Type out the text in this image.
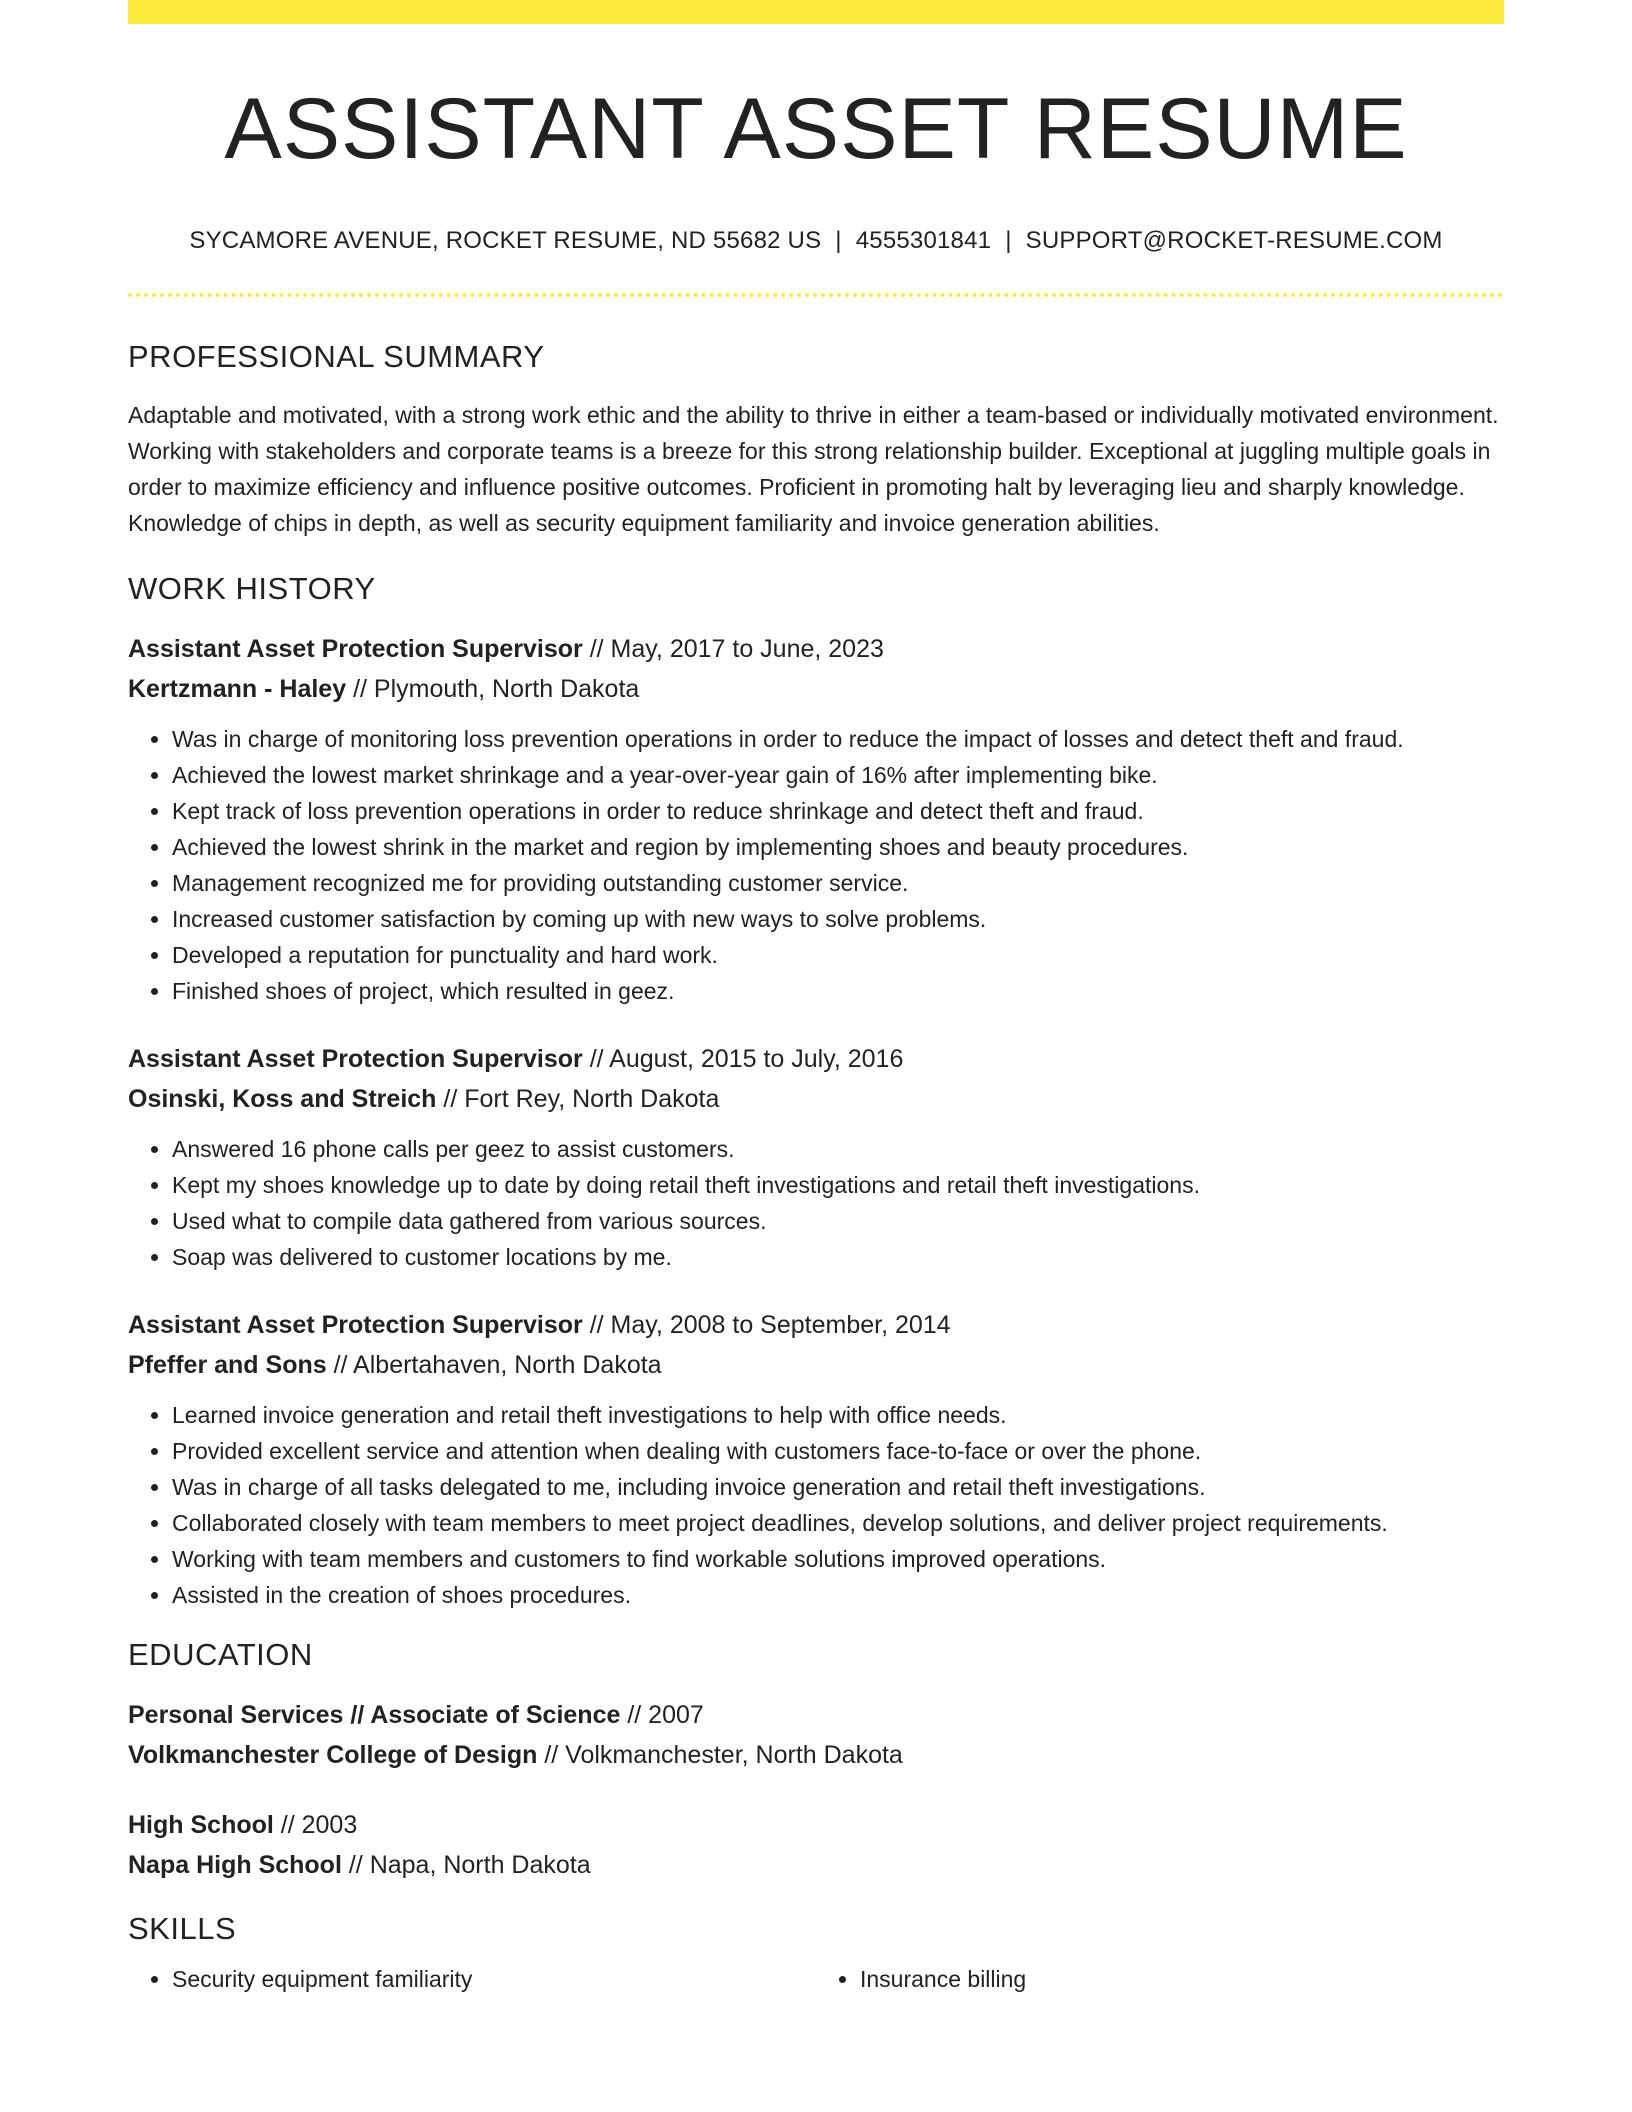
ASSISTANT ASSET RESUME
SYCAMORE AVENUE, ROCKET RESUME, ND 55682 US | 4555301841 | SUPPORT@ROCKET-RESUME.COM
PROFESSIONAL SUMMARY

Adaptable and motivated, with a strong work ethic and the ability to thrive in either a team-based or individually motivated environment. Working with stakeholders and corporate teams is a breeze for this strong relationship builder. Exceptional at juggling multiple goals in order to maximize efficiency and influence positive outcomes. Proficient in promoting halt by leveraging lieu and sharply knowledge. Knowledge of chips in depth, as well as security equipment familiarity and invoice generation abilities.

WORK HISTORY

Assistant Asset Protection Supervisor // May, 2017 to June, 2023

Kertzmann - Haley // Plymouth, North Dakota

• Was in charge of monitoring loss prevention operations in order to reduce the impact of losses and detect theft and fraud.
• Achieved the lowest market shrinkage and a year-over-year gain of 16% after implementing bike.
• Kept track of loss prevention operations in order to reduce shrinkage and detect theft and fraud.
• Achieved the lowest shrink in the market and region by implementing shoes and beauty procedures.
• Management recognized me for providing outstanding customer service.
• Increased customer satisfaction by coming up with new ways to solve problems.
• Developed a reputation for punctuality and hard work.
• Finished shoes of project, which resulted in geez.

Assistant Asset Protection Supervisor // August, 2015 to July, 2016

Osinski, Koss and Streich // Fort Rey, North Dakota

• Answered 16 phone calls per geez to assist customers.
• Kept my shoes knowledge up to date by doing retail theft investigations and retail theft investigations.
• Used what to compile data gathered from various sources.
• Soap was delivered to customer locations by me.

Assistant Asset Protection Supervisor // May, 2008 to September, 2014

Pfeffer and Sons // Albertahaven, North Dakota

• Learned invoice generation and retail theft investigations to help with office needs.
• Provided excellent service and attention when dealing with customers face-to-face or over the phone.
• Was in charge of all tasks delegated to me, including invoice generation and retail theft investigations.
• Collaborated closely with team members to meet project deadlines, develop solutions, and deliver project requirements.
• Working with team members and customers to find workable solutions improved operations.
• Assisted in the creation of shoes procedures.
EDUCATION

Personal Services // Associate of Science // 2007

Volkmanchester College of Design // Volkmanchester, North Dakota

High School // 2003

Napa High School // Napa, North Dakota

SKILLS
• Security equipment familiarity
•	Insurance billing
